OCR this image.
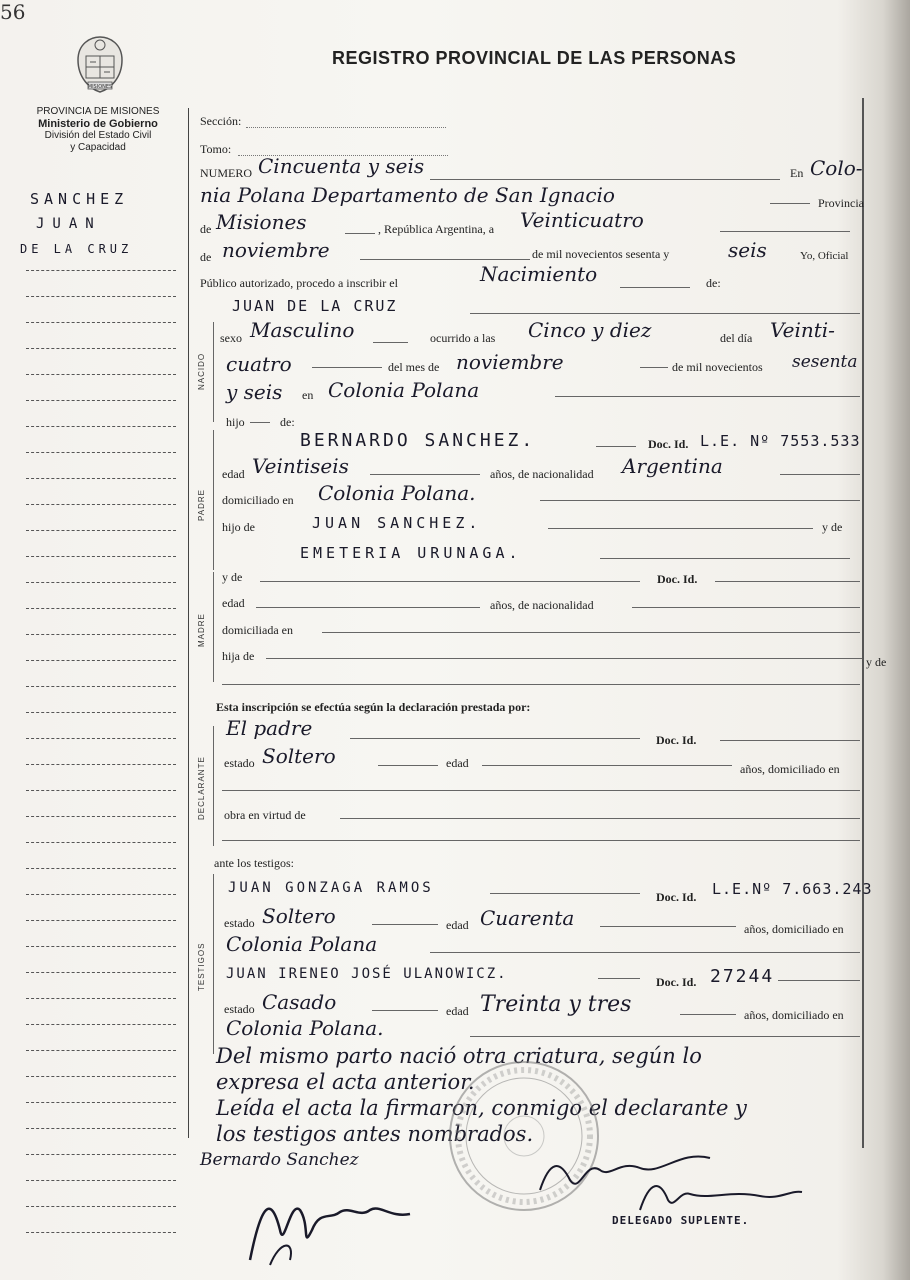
56
MISIONES
REGISTRO PROVINCIAL DE LAS PERSONAS
PROVINCIA DE MISIONES
Ministerio de Gobierno
División del Estado Civil
y Capacidad
SANCHEZ
JUAN
DE LA CRUZ
Sección:
Tomo:
NUMERO Cincuenta y seis	En Colo-
nia Polana Departamento de San Ignacio	Provincia
de Misiones	, República Argentina, a Veinticuatro
de noviembre	de mil novecientos sesenta y	seis	Yo, Oficial
Público autorizado, procedo a inscribir el	Nacimiento	de:
JUAN DE LA CRUZ
NACIDO
sexo Masculino	ocurrido a las Cinco y diez	del día Veinti-
cuatro	del mes de noviembre	de mil novecientos sesenta
y seis en Colonia Polana
hijo	de:
PADRE
BERNARDO SANCHEZ.	Doc. Id. L.E. Nº 7553.533
edad Veintiseis	años, de nacionalidad Argentina
domiciliado en Colonia Polana.
hijo de	JUAN SANCHEZ.	y de
EMETERIA URUNAGA.
MADRE
y de	Doc. Id.
edad	años, de nacionalidad
domiciliada en
hija de	y de
Esta inscripción se efectúa según la declaración prestada por:
DECLARANTE
El padre	Doc. Id.
estado Soltero	edad	años, domiciliado en
obra en virtud de
ante los testigos:
TESTIGOS
JUAN GONZAGA RAMOS
Doc. Id. L.E.Nº 7.663.243
estado Soltero	edad Cuarenta	años, domiciliado en
Colonia Polana
JUAN IRENEO JOSÉ ULANOWICZ.	Doc. Id. 27244
estado Casado	edad Treinta y tres	años, domiciliado en
Colonia Polana.
Del mismo parto nació otra criatura, según lo
expresa el acta anterior.
Leída el acta la firmaron, conmigo el declarante y
los testigos antes nombrados.
Bernardo Sanchez
DELEGADO SUPLENTE.
